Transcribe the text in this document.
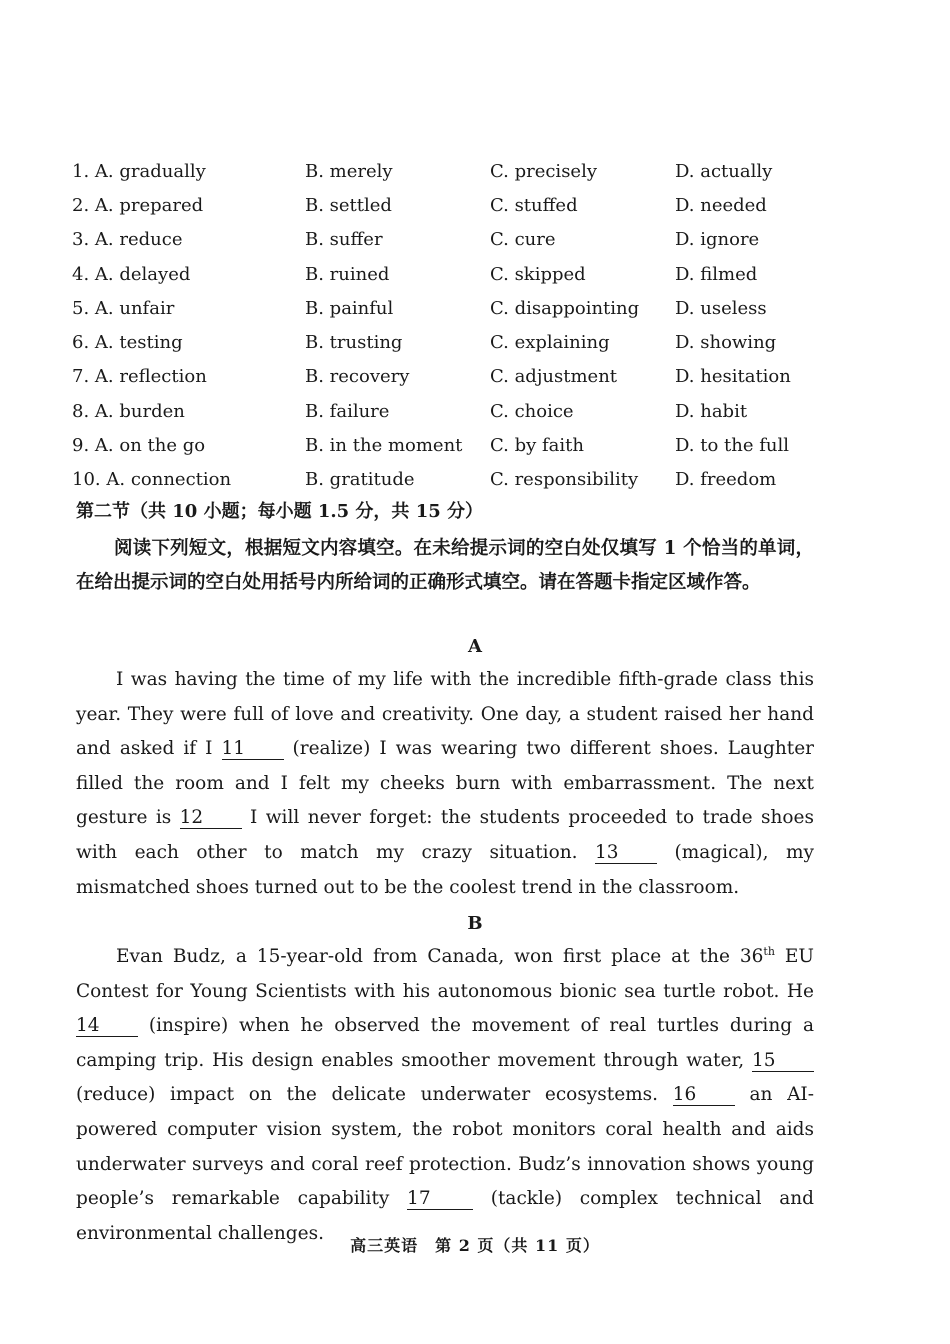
1. A. gradually	B. merely	C. precisely	D. actually
2. A. prepared	B. settled	C. stuffed	D. needed
3. A. reduce	B. suffer	C. cure	D. ignore
4. A. delayed	B. ruined	C. skipped	D. filmed
5. A. unfair	B. painful	C. disappointing	D. useless
6. A. testing	B. trusting	C. explaining	D. showing
7. A. reflection	B. recovery	C. adjustment	D. hesitation
8. A. burden	B. failure	C. choice	D. habit
9. A. on the go	B. in the moment	C. by faith	D. to the full
10. A. connection	B. gratitude	C. responsibility	D. freedom
第二节（共 10 小题；每小题 1.5 分，共 15 分）
阅读下列短文，根据短文内容填空。在未给提示词的空白处仅填写 1 个恰当的单词，在给出提示词的空白处用括号内所给词的正确形式填空。请在答题卡指定区域作答。
A
I was having the time of my life with the incredible fifth-grade class this year. They were full of love and creativity. One day, a student raised her hand and asked if I 11 (realize) I was wearing two different shoes. Laughter filled the room and I felt my cheeks burn with embarrassment. The next gesture is 12 I will never forget: the students proceeded to trade shoes with each other to match my crazy situation. 13 (magical), my mismatched shoes turned out to be the coolest trend in the classroom.
B
Evan Budz, a 15-year-old from Canada, won first place at the 36th EU Contest for Young Scientists with his autonomous bionic sea turtle robot. He 14 (inspire) when he observed the movement of real turtles during a camping trip. His design enables smoother movement through water, 15 (reduce) impact on the delicate underwater ecosystems. 16 an AI-powered computer vision system, the robot monitors coral health and aids underwater surveys and coral reef protection. Budz’s innovation shows young people’s remarkable capability 17 (tackle) complex technical and environmental challenges.
高三英语　第 2 页（共 11 页）
